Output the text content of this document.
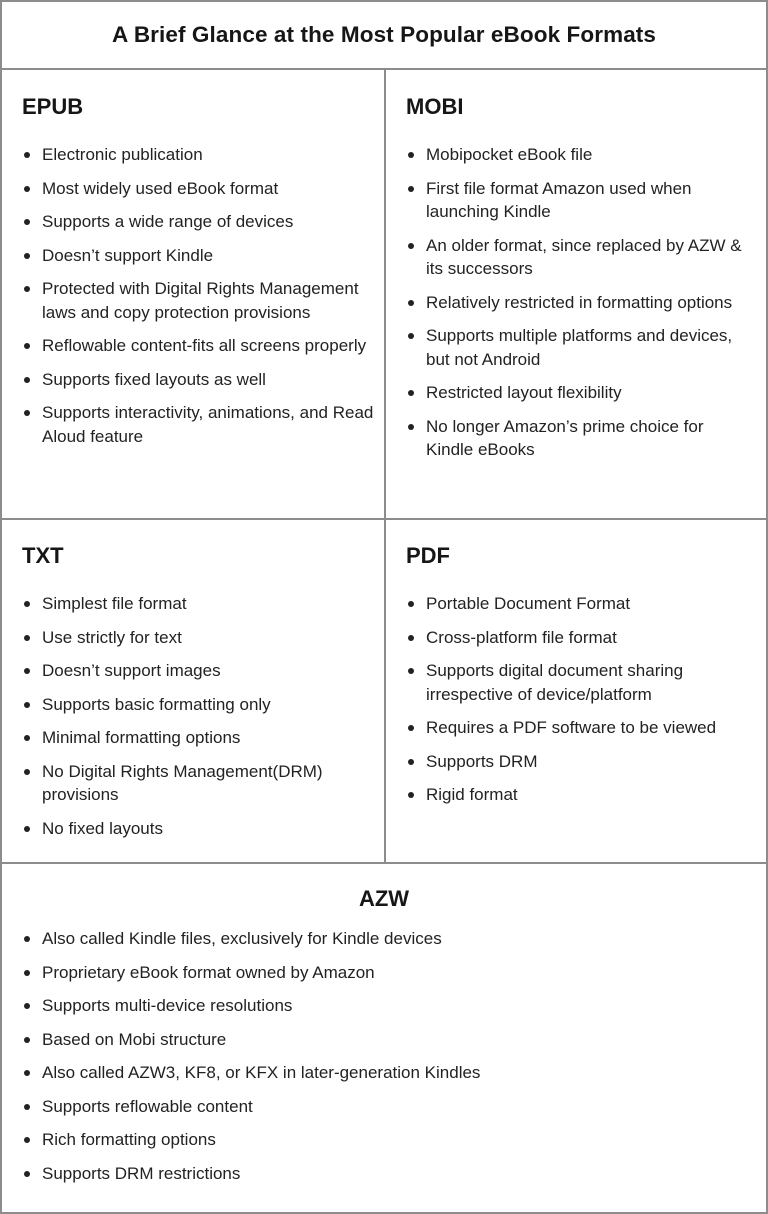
A Brief Glance at the Most Popular eBook Formats
EPUB
Electronic publication
Most widely used eBook format
Supports a wide range of devices
Doesn’t support Kindle
Protected with Digital Rights Management laws and copy protection provisions
Reflowable content-fits all screens properly
Supports fixed layouts as well
Supports interactivity, animations, and Read Aloud feature
MOBI
Mobipocket eBook file
First file format Amazon used when launching Kindle
An older format, since replaced by AZW & its successors
Relatively restricted in formatting options
Supports multiple platforms and devices, but not Android
Restricted layout flexibility
No longer Amazon’s prime choice for Kindle eBooks
TXT
Simplest file format
Use strictly for text
Doesn’t support images
Supports basic formatting only
Minimal formatting options
No Digital Rights Management(DRM) provisions
No fixed layouts
PDF
Portable Document Format
Cross-platform file format
Supports digital document sharing irrespective of device/platform
Requires a PDF software to be viewed
Supports DRM
Rigid format
AZW
Also called Kindle files, exclusively for Kindle devices
Proprietary eBook format owned by Amazon
Supports multi-device resolutions
Based on Mobi structure
Also called AZW3, KF8, or KFX in later-generation Kindles
Supports reflowable content
Rich formatting options
Supports DRM restrictions
